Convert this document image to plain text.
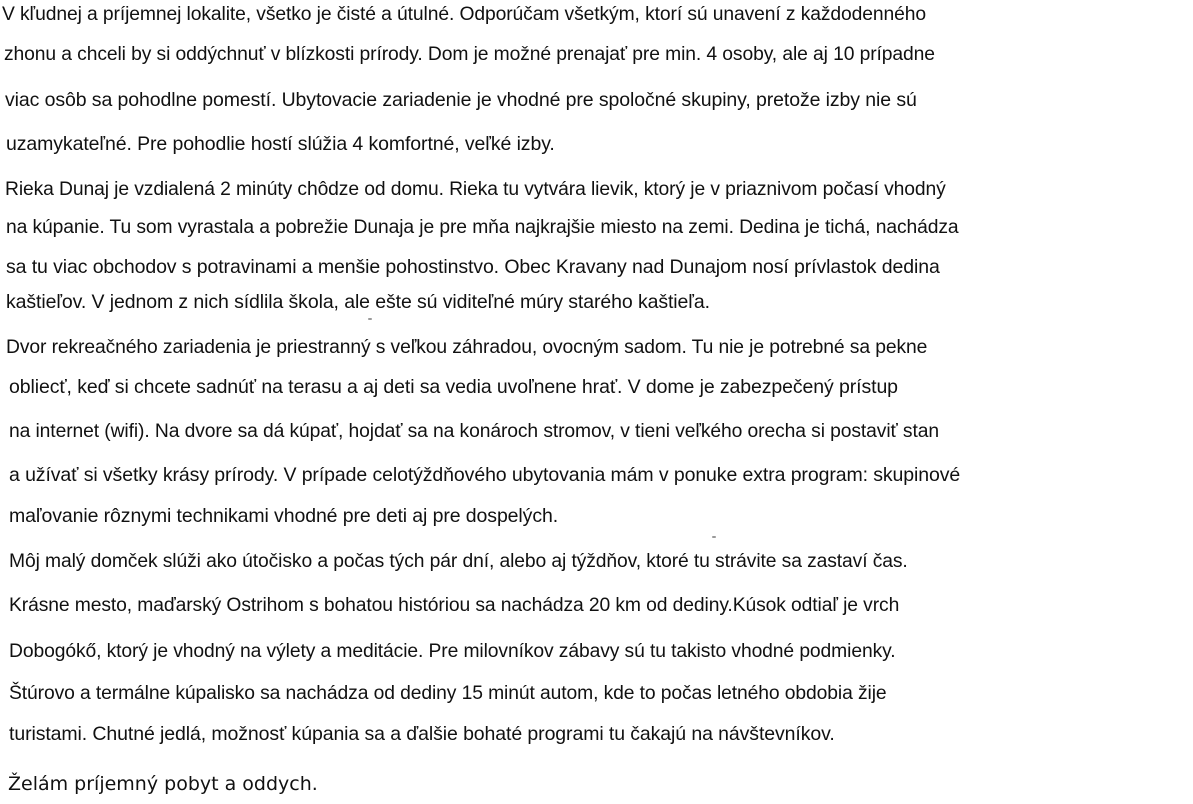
V kľudnej a príjemnej lokalite, všetko je čisté a útulné. Odporúčam všetkým, ktorí sú unavení z každodenného
zhonu a chceli by si oddýchnuť v blízkosti prírody. Dom je možné prenajať pre min. 4 osoby, ale aj 10 prípadne
viac osôb sa pohodlne pomestí. Ubytovacie zariadenie je vhodné pre spoločné skupiny, pretože izby nie sú
uzamykateľné. Pre pohodlie hostí slúžia 4 komfortné, veľké izby.
Rieka Dunaj je vzdialená 2 minúty chôdze od domu. Rieka tu vytvára lievik, ktorý je v priaznivom počasí vhodný
na kúpanie. Tu som vyrastala a pobrežie Dunaja je pre mňa najkrajšie miesto na zemi. Dedina je tichá, nachádza
sa tu viac obchodov s potravinami a menšie pohostinstvo. Obec Kravany nad Dunajom nosí prívlastok dedina
kaštieľov. V jednom z nich sídlila škola, ale ešte sú viditeľné múry starého kaštieľa.
Dvor rekreačného zariadenia je priestranný s veľkou záhradou, ovocným sadom. Tu nie je potrebné sa pekne
obliecť, keď si chcete sadnúť na terasu a aj deti sa vedia uvoľnene hrať. V dome je zabezpečený prístup
na internet (wifi). Na dvore sa dá kúpať, hojdať sa na konároch stromov, v tieni veľkého orecha si postaviť stan
a užívať si všetky krásy prírody. V prípade celotýždňového ubytovania mám v ponuke extra program: skupinové
maľovanie rôznymi technikami vhodné pre deti aj pre dospelých.
Môj malý domček slúži ako útočisko a počas tých pár dní, alebo aj týždňov, ktoré tu strávite sa zastaví čas.
Krásne mesto, maďarský Ostrihom s bohatou históriou sa nachádza 20 km od dediny.Kúsok odtiaľ je vrch
Dobogókő, ktorý je vhodný na výlety a meditácie. Pre milovníkov zábavy sú tu takisto vhodné podmienky.
Štúrovo a termálne kúpalisko sa nachádza od dediny 15 minút autom, kde to počas letného obdobia žije
turistami. Chutné jedlá, možnosť kúpania sa a ďalšie bohaté programi tu čakajú na návštevníkov.
Želám príjemný pobyt a oddych.
